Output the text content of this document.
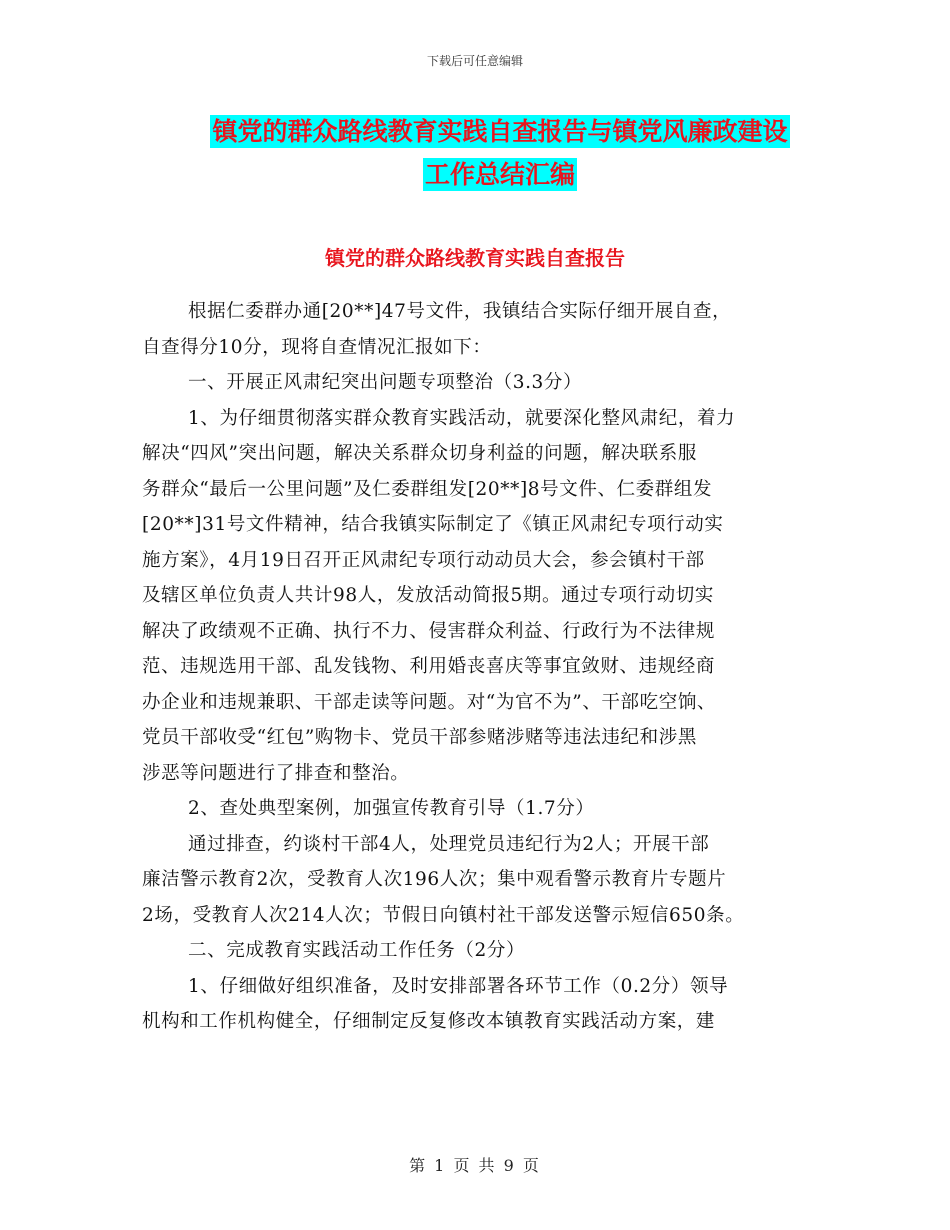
下载后可任意编辑
镇党的群众路线教育实践自查报告与镇党风廉政建设
工作总结汇编
镇党的群众路线教育实践自查报告
根据仁委群办通[20**]47号文件，我镇结合实际仔细开展自查，
自查得分10分，现将自查情况汇报如下：
一、开展正风肃纪突出问题专项整治（3.3分）
1、为仔细贯彻落实群众教育实践活动，就要深化整风肃纪，着力
解决“四风”突出问题，解决关系群众切身利益的问题，解决联系服
务群众“最后一公里问题”及仁委群组发[20**]8号文件、仁委群组发
[20**]31号文件精神，结合我镇实际制定了《镇正风肃纪专项行动实
施方案》，4月19日召开正风肃纪专项行动动员大会，参会镇村干部
及辖区单位负责人共计98人，发放活动简报5期。通过专项行动切实
解决了政绩观不正确、执行不力、侵害群众利益、行政行为不法律规
范、违规选用干部、乱发钱物、利用婚丧喜庆等事宜敛财、违规经商
办企业和违规兼职、干部走读等问题。对“为官不为”、干部吃空饷、
党员干部收受“红包”购物卡、党员干部参赌涉赌等违法违纪和涉黑
涉恶等问题进行了排查和整治。
2、查处典型案例，加强宣传教育引导（1.7分）
通过排查，约谈村干部4人，处理党员违纪行为2人；开展干部
廉洁警示教育2次，受教育人次196人次；集中观看警示教育片专题片
2场，受教育人次214人次；节假日向镇村社干部发送警示短信650条。
二、完成教育实践活动工作任务（2分）
1、仔细做好组织准备，及时安排部署各环节工作（0.2分）领导
机构和工作机构健全，仔细制定反复修改本镇教育实践活动方案，建
第 1 页 共 9 页
